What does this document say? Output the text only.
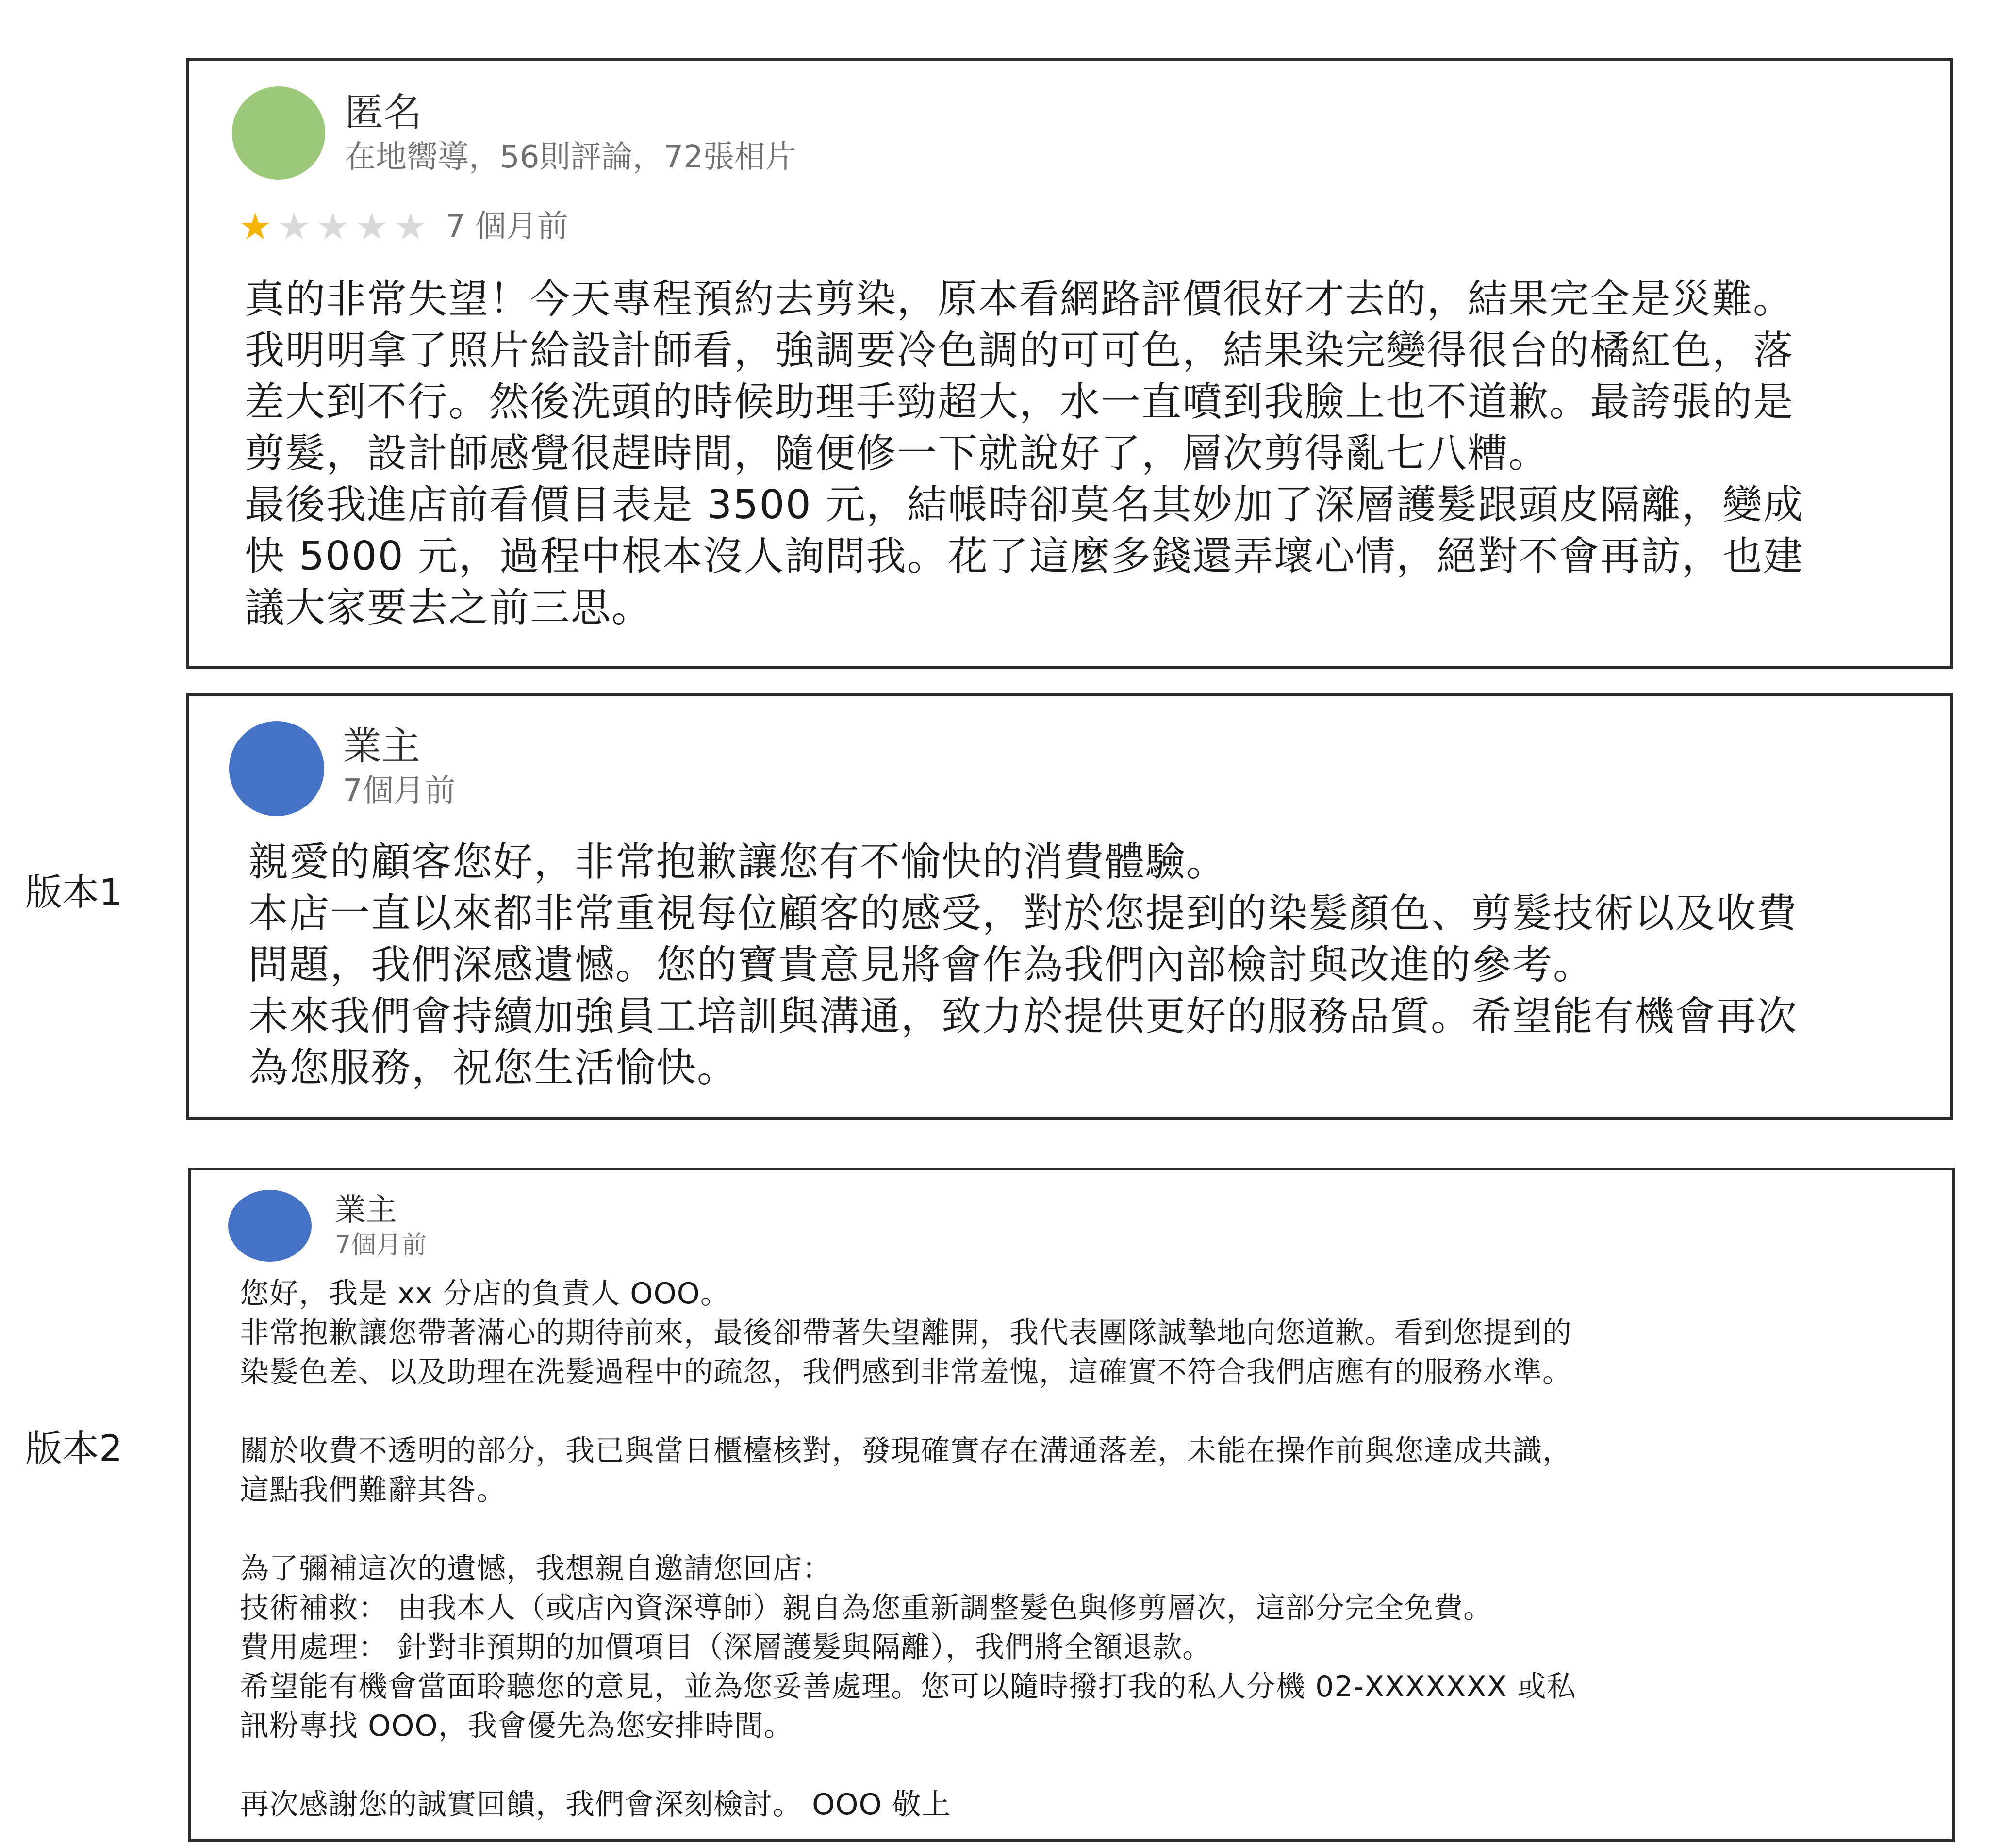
版本1
版本2
匿名
在地嚮導，56則評論，72張相片
★ ★ ★ ★ ★ 7 個月前

真的非常失望！今天專程預約去剪染，原本看網路評價很好才去的，結果完全是災難。

我明明拿了照片給設計師看，強調要冷色調的可可色，結果染完變得很台的橘紅色，落

差大到不行。然後洗頭的時候助理手勁超大，水一直噴到我臉上也不道歉。最誇張的是

剪髮，設計師感覺很趕時間，隨便修一下就說好了，層次剪得亂七八糟。

最後我進店前看價目表是 3500 元，結帳時卻莫名其妙加了深層護髮跟頭皮隔離，變成

快 5000 元，過程中根本沒人詢問我。花了這麼多錢還弄壞心情，絕對不會再訪，也建

議大家要去之前三思。

業主
7個月前

親愛的顧客您好，非常抱歉讓您有不愉快的消費體驗。

本店一直以來都非常重視每位顧客的感受，對於您提到的染髮顏色、剪髮技術以及收費

問題，我們深感遺憾。您的寶貴意見將會作為我們內部檢討與改進的參考。

未來我們會持續加強員工培訓與溝通，致力於提供更好的服務品質。希望能有機會再次

為您服務，祝您生活愉快。

業主
7個月前

您好，我是 xx 分店的負責人 OOO。

非常抱歉讓您帶著滿心的期待前來，最後卻帶著失望離開，我代表團隊誠摯地向您道歉。看到您提到的

染髮色差、以及助理在洗髮過程中的疏忽，我們感到非常羞愧，這確實不符合我們店應有的服務水準。

關於收費不透明的部分，我已與當日櫃檯核對，發現確實存在溝通落差，未能在操作前與您達成共識，

這點我們難辭其咎。

為了彌補這次的遺憾，我想親自邀請您回店：

技術補救： 由我本人（或店內資深導師）親自為您重新調整髮色與修剪層次，這部分完全免費。

費用處理： 針對非預期的加價項目（深層護髮與隔離），我們將全額退款。

希望能有機會當面聆聽您的意見，並為您妥善處理。您可以隨時撥打我的私人分機 02-XXXXXXX 或私

訊粉專找 OOO，我會優先為您安排時間。

再次感謝您的誠實回饋，我們會深刻檢討。 OOO 敬上
